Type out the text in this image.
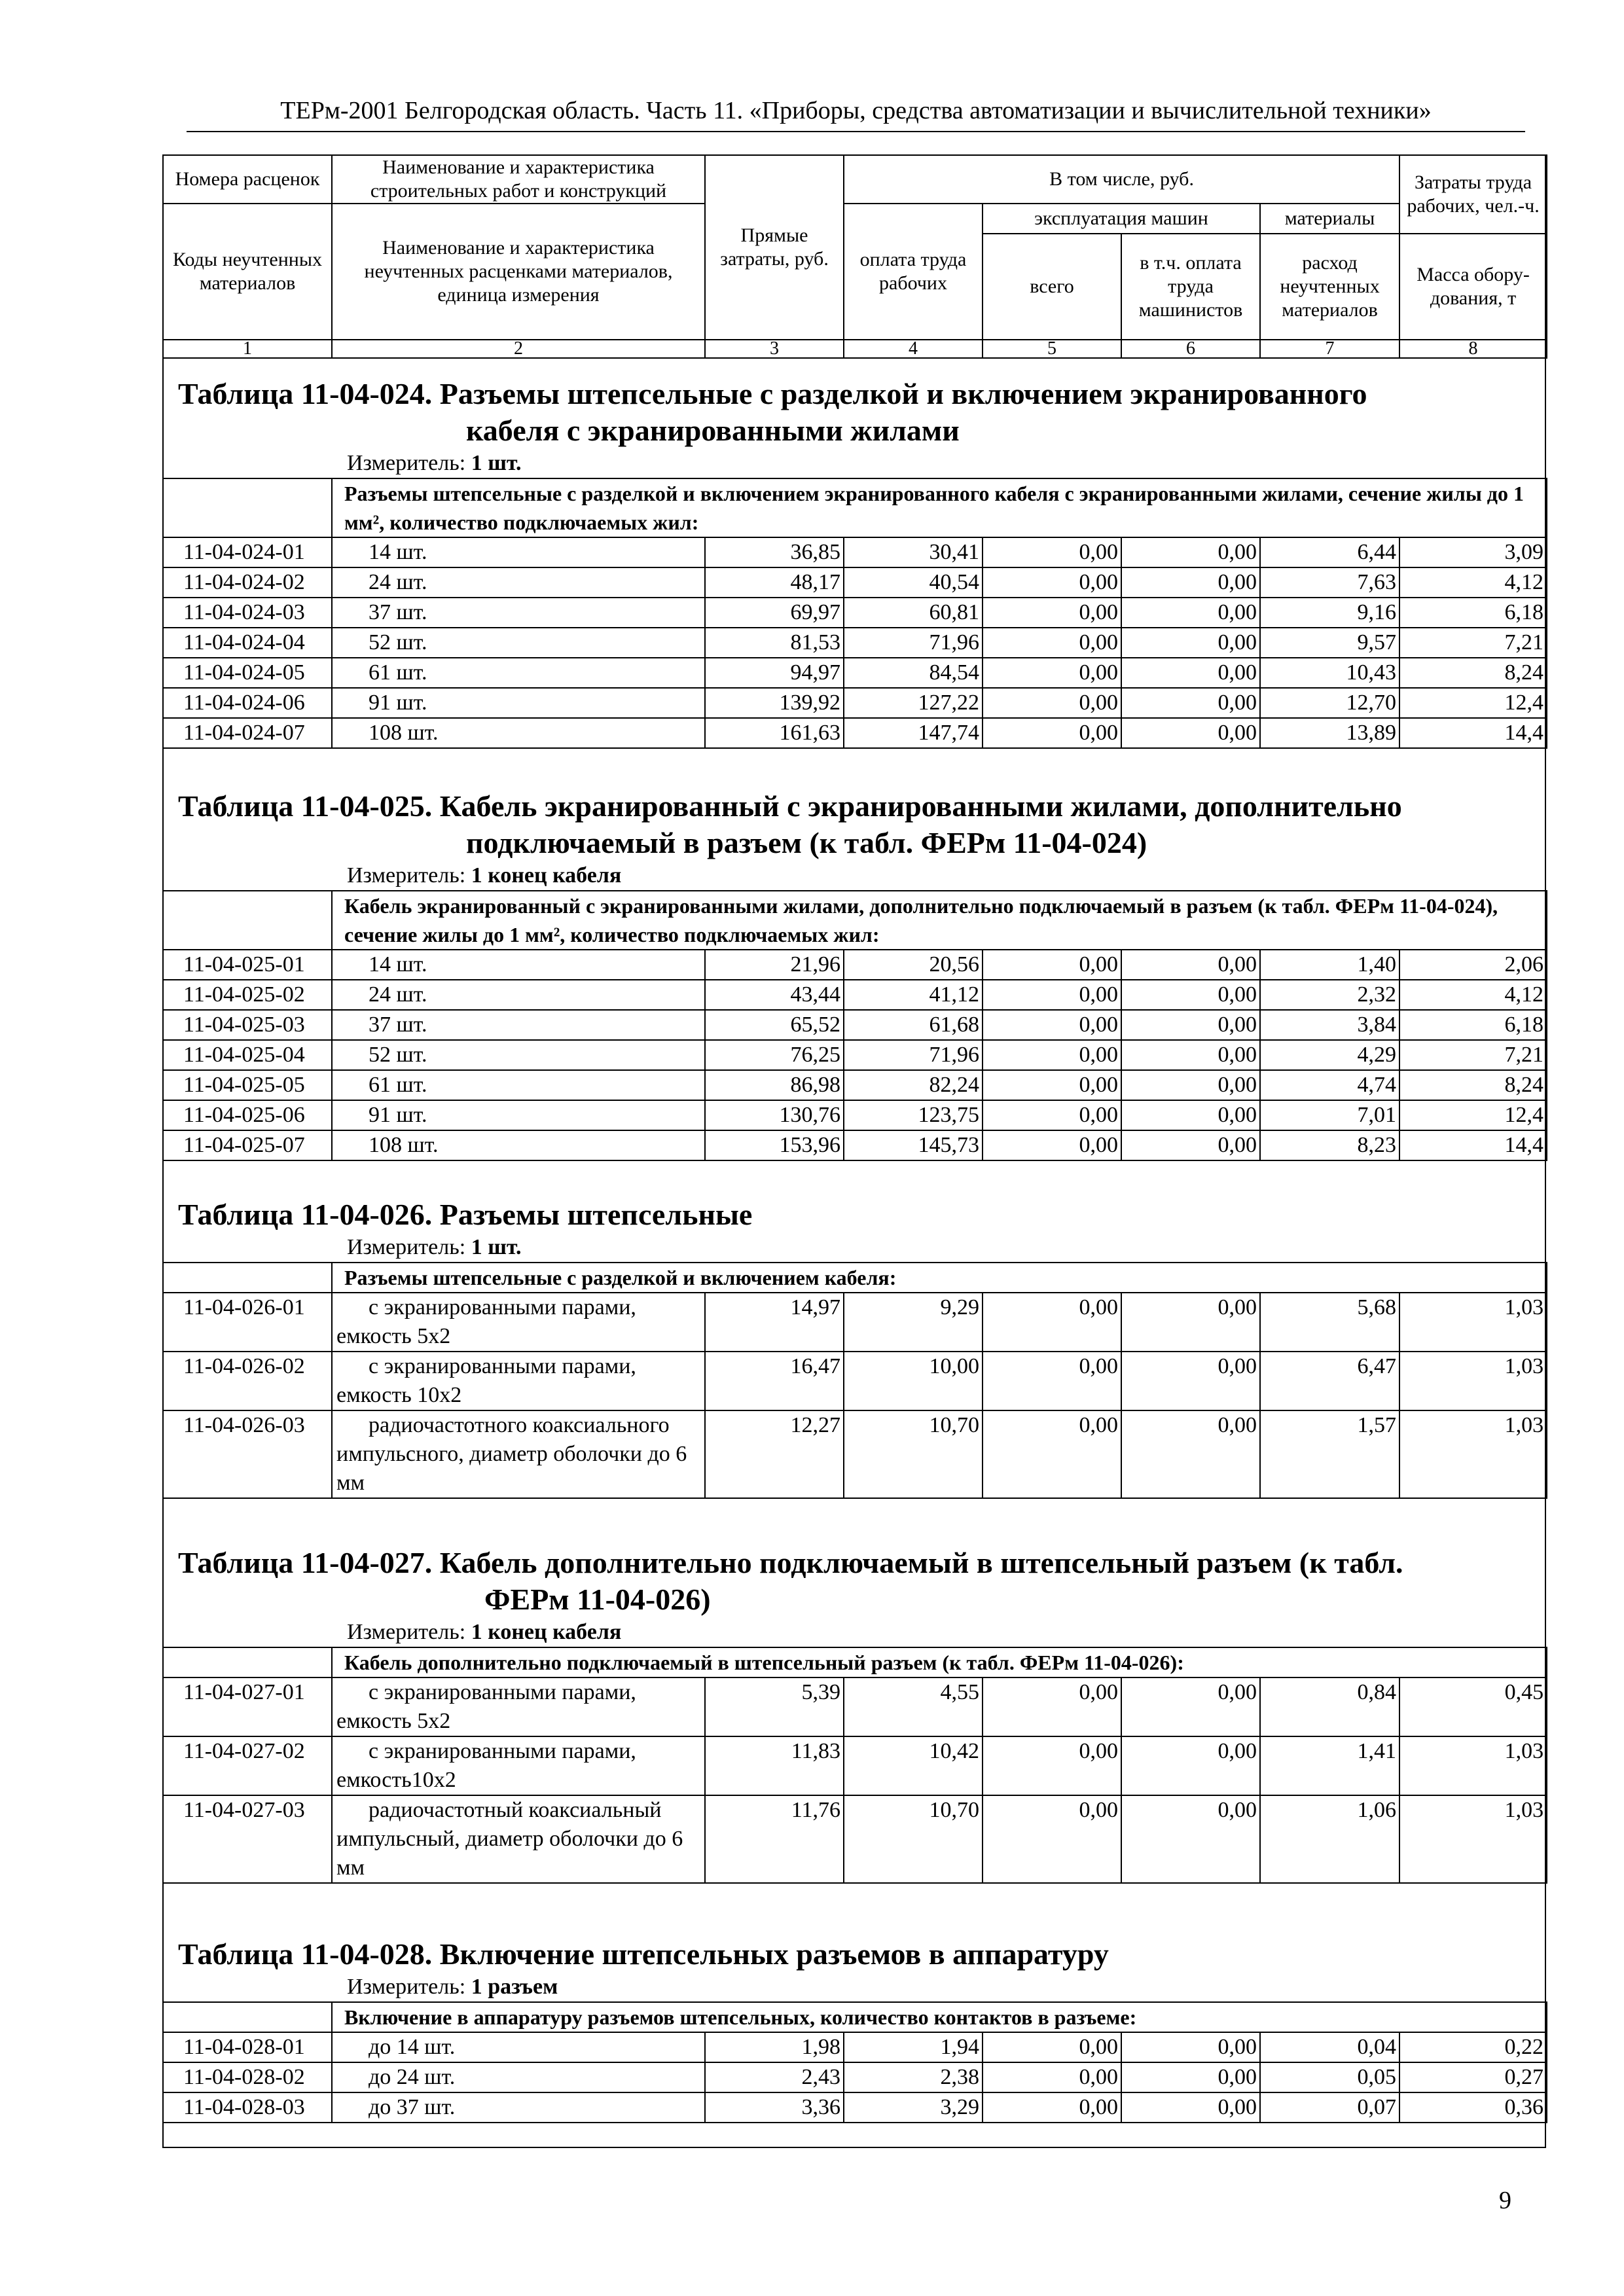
ТЕРм-2001 Белгородская область. Часть 11. «Приборы, средства автоматизации и вычислительной техники»
Номера расценок	Наименование и характеристика строительных работ и конструкций	Прямые затраты, руб.	В том числе, руб.				Затраты труда рабочих, чел.-ч.
Коды неучтенных материалов	Наименование и характеристика неучтенных расценками материалов, единица измерения		оплата труда рабочих	эксплуатация машин		материалы	
				всего	в т.ч. оплата труда машинистов	расход неучтенных материалов	Масса обору-дования, т
1	2	3	4	5	6	7	8
Таблица 11-04-024. Разъемы штепсельные с разделкой и включением экранированного
кабеля с экранированными жилами
Измеритель: 1 шт.
	Разъемы штепсельные с разделкой и включением экранированного кабеля с экранированными жилами, сечение жилы до 1 мм², количество подключаемых жил:						
11-04-024-01	14 шт.	36,85	30,41	0,00	0,00	6,44	3,09
11-04-024-02	24 шт.	48,17	40,54	0,00	0,00	7,63	4,12
11-04-024-03	37 шт.	69,97	60,81	0,00	0,00	9,16	6,18
11-04-024-04	52 шт.	81,53	71,96	0,00	0,00	9,57	7,21
11-04-024-05	61 шт.	94,97	84,54	0,00	0,00	10,43	8,24
11-04-024-06	91 шт.	139,92	127,22	0,00	0,00	12,70	12,4
11-04-024-07	108 шт.	161,63	147,74	0,00	0,00	13,89	14,4
Таблица 11-04-025. Кабель экранированный с экранированными жилами, дополнительно
подключаемый в разъем (к табл. ФЕРм 11-04-024)
Измеритель: 1 конец кабеля
	Кабель экранированный с экранированными жилами, дополнительно подключаемый в разъем (к табл. ФЕРм 11-04-024), сечение жилы до 1 мм², количество подключаемых жил:						
11-04-025-01	14 шт.	21,96	20,56	0,00	0,00	1,40	2,06
11-04-025-02	24 шт.	43,44	41,12	0,00	0,00	2,32	4,12
11-04-025-03	37 шт.	65,52	61,68	0,00	0,00	3,84	6,18
11-04-025-04	52 шт.	76,25	71,96	0,00	0,00	4,29	7,21
11-04-025-05	61 шт.	86,98	82,24	0,00	0,00	4,74	8,24
11-04-025-06	91 шт.	130,76	123,75	0,00	0,00	7,01	12,4
11-04-025-07	108 шт.	153,96	145,73	0,00	0,00	8,23	14,4
Таблица 11-04-026. Разъемы штепсельные
Измеритель: 1 шт.
	Разъемы штепсельные с разделкой и включением кабеля:						
11-04-026-01	с экранированными парами, емкость 5х2	14,97	9,29	0,00	0,00	5,68	1,03
11-04-026-02	с экранированными парами, емкость 10х2	16,47	10,00	0,00	0,00	6,47	1,03
11-04-026-03	радиочастотного коаксиального импульсного, диаметр оболочки до 6 мм	12,27	10,70	0,00	0,00	1,57	1,03
Таблица 11-04-027. Кабель дополнительно подключаемый в штепсельный разъем (к табл.
ФЕРм 11-04-026)
Измеритель: 1 конец кабеля
	Кабель дополнительно подключаемый в штепсельный разъем (к табл. ФЕРм 11-04-026):						
11-04-027-01	с экранированными парами, емкость 5х2	5,39	4,55	0,00	0,00	0,84	0,45
11-04-027-02	с экранированными парами, емкость10х2	11,83	10,42	0,00	0,00	1,41	1,03
11-04-027-03	радиочастотный коаксиальный импульсный, диаметр оболочки до 6 мм	11,76	10,70	0,00	0,00	1,06	1,03
Таблица 11-04-028. Включение штепсельных разъемов в аппаратуру
Измеритель: 1 разъем
	Включение в аппаратуру разъемов штепсельных, количество контактов в разъеме:						
11-04-028-01	до 14 шт.	1,98	1,94	0,00	0,00	0,04	0,22
11-04-028-02	до 24 шт.	2,43	2,38	0,00	0,00	0,05	0,27
11-04-028-03	до 37 шт.	3,36	3,29	0,00	0,00	0,07	0,36
9
